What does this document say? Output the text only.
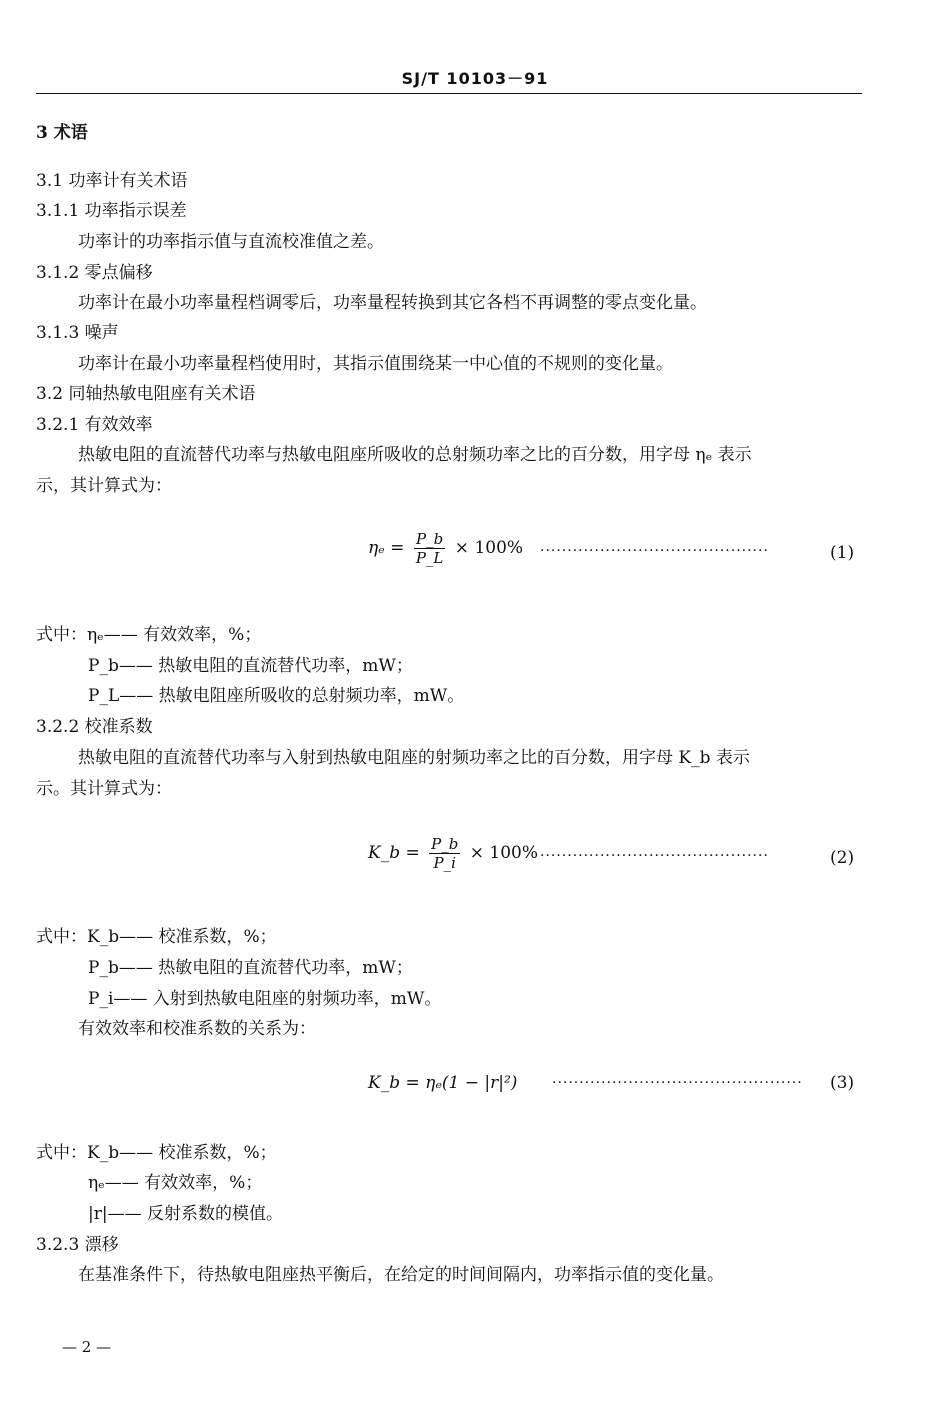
SJ/T 10103－91
3 术语
3.1 功率计有关术语
3.1.1 功率指示误差
功率计的功率指示值与直流校准值之差。
3.1.2 零点偏移
功率计在最小功率量程档调零后，功率量程转换到其它各档不再调整的零点变化量。
3.1.3 噪声
功率计在最小功率量程档使用时，其指示值围绕某一中心值的不规则的变化量。
3.2 同轴热敏电阻座有关术语
3.2.1 有效效率
热敏电阻的直流替代功率与热敏电阻座所吸收的总射频功率之比的百分数，用字母 ηₑ 表示
示，其计算式为：
$\eta_e = \frac{P\_b}{P\_L} \times 100\%$ ··········································	(1)
式中：ηₑ—— 有效效率，%；
P_b—— 热敏电阻的直流替代功率，mW；
P_L—— 热敏电阻座所吸收的总射频功率，mW。
3.2.2 校准系数
热敏电阻的直流替代功率与入射到热敏电阻座的射频功率之比的百分数，用字母 K_b 表示
示。其计算式为：
K_b = $\frac{P\_b}{P\_i} \times 100\%$ ··········································	(2)
式中：K_b—— 校准系数，%；
P_b—— 热敏电阻的直流替代功率，mW；
P_i—— 入射到热敏电阻座的射频功率，mW。
有效效率和校准系数的关系为：
K_b = ηₑ(1 − |r|²) ·············································· (3)
式中：K_b—— 校准系数，%；
ηₑ—— 有效效率，%；
|r|—— 反射系数的模值。
3.2.3 漂移
在基准条件下，待热敏电阻座热平衡后，在给定的时间间隔内，功率指示值的变化量。
— 2 —
